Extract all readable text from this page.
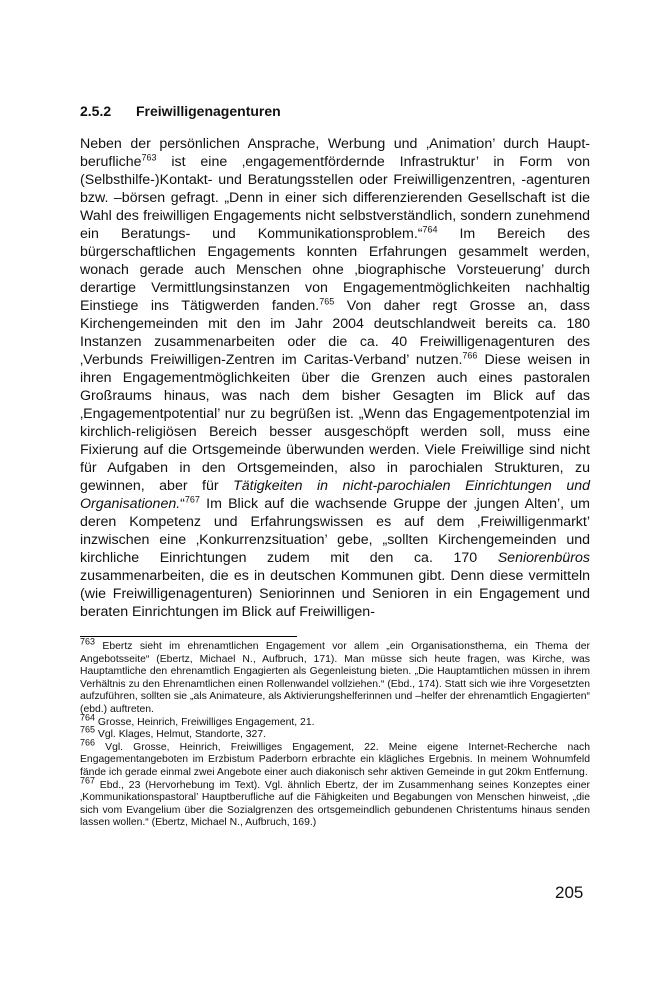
2.5.2 Freiwilligenagenturen

Neben der persönlichen Ansprache, Werbung und ‚Animation’ durch Hauptberufliche$^{763}$ ist eine ‚engagementfördernde Infrastruktur’ in Form von (Selbsthilfe-)Kontakt- und Beratungsstellen oder Freiwilligenzentren, -agenturen bzw. –börsen gefragt. „Denn in einer sich differenzierenden Gesellschaft ist die Wahl des freiwilligen Engagements nicht selbstverständlich, sondern zunehmend ein Beratungs- und Kommunikationsproblem.“$^{764}$ Im Bereich des bürgerschaftlichen Engagements konnten Erfahrungen gesammelt werden, wonach gerade auch Menschen ohne ‚biographische Vorsteuerung’ durch derartige Vermittlungsinstanzen von Engagementmöglichkeiten nachhaltig Einstiege ins Tätigwerden fanden.$^{765}$ Von daher regt Grosse an, dass Kirchengemeinden mit den im Jahr 2004 deutschlandweit bereits ca. 180 Instanzen zusammenarbeiten oder die ca. 40 Freiwilligenagenturen des ‚Verbunds Freiwilligen-Zentren im Caritas-Verband’ nutzen.$^{766}$ Diese weisen in ihren Engagementmöglichkeiten über die Grenzen auch eines pastoralen Großraums hinaus, was nach dem bisher Gesagten im Blick auf das ‚Engagementpotential’ nur zu begrüßen ist. „Wenn das Engagementpotenzial im kirchlich-religiösen Bereich besser ausgeschöpft werden soll, muss eine Fixierung auf die Ortsgemeinde überwunden werden. Viele Freiwillige sind nicht für Aufgaben in den Ortsgemeinden, also in parochialen Strukturen, zu gewinnen, aber für Tätigkeiten in nicht-parochialen Einrichtungen und Organisationen.“$^{767}$ Im Blick auf die wachsende Gruppe der ‚jungen Alten’, um deren Kompetenz und Erfahrungswissen es auf dem ‚Freiwilligenmarkt’ inzwischen eine ‚Konkurrenzsituation’ gebe, „sollten Kirchengemeinden und kirchliche Einrichtungen zudem mit den ca. 170 Seniorenbüros zusammenarbeiten, die es in deutschen Kommunen gibt. Denn diese vermitteln (wie Freiwilligenagenturen) Seniorinnen und Senioren in ein Engagement und beraten Einrichtungen im Blick auf Freiwilligen-

$^{763}$ Ebertz sieht im ehrenamtlichen Engagement vor allem „ein Organisationsthema, ein Thema der Angebotsseite“ (Ebertz, Michael N., Aufbruch, 171). Man müsse sich heute fragen, was Kirche, was Hauptamtliche den ehrenamtlich Engagierten als Gegenleistung bieten. „Die Hauptamtlichen müssen in ihrem Verhältnis zu den Ehrenamtlichen einen Rollenwandel vollziehen.“ (Ebd., 174). Statt sich wie ihre Vorgesetzten aufzuführen, sollten sie „als Animateure, als Aktivierungshelferinnen und –helfer der ehrenamtlich Engagierten“ (ebd.) auftreten.

$^{764}$ Grosse, Heinrich, Freiwilliges Engagement, 21.

$^{765}$ Vgl. Klages, Helmut, Standorte, 327.

$^{766}$ Vgl. Grosse, Heinrich, Freiwilliges Engagement, 22. Meine eigene Internet-Recherche nach Engagementangeboten im Erzbistum Paderborn erbrachte ein klägliches Ergebnis. In meinem Wohnumfeld fände ich gerade einmal zwei Angebote einer auch diakonisch sehr aktiven Gemeinde in gut 20km Entfernung.

$^{767}$ Ebd., 23 (Hervorhebung im Text). Vgl. ähnlich Ebertz, der im Zusammenhang seines Konzeptes einer ‚Kommunikationspastoral’ Hauptberufliche auf die Fähigkeiten und Begabungen von Menschen hinweist, „die sich vom Evangelium über die Sozialgrenzen des ortsgemeindlich gebundenen Christentums hinaus senden lassen wollen.“ (Ebertz, Michael N., Aufbruch, 169.)

205
